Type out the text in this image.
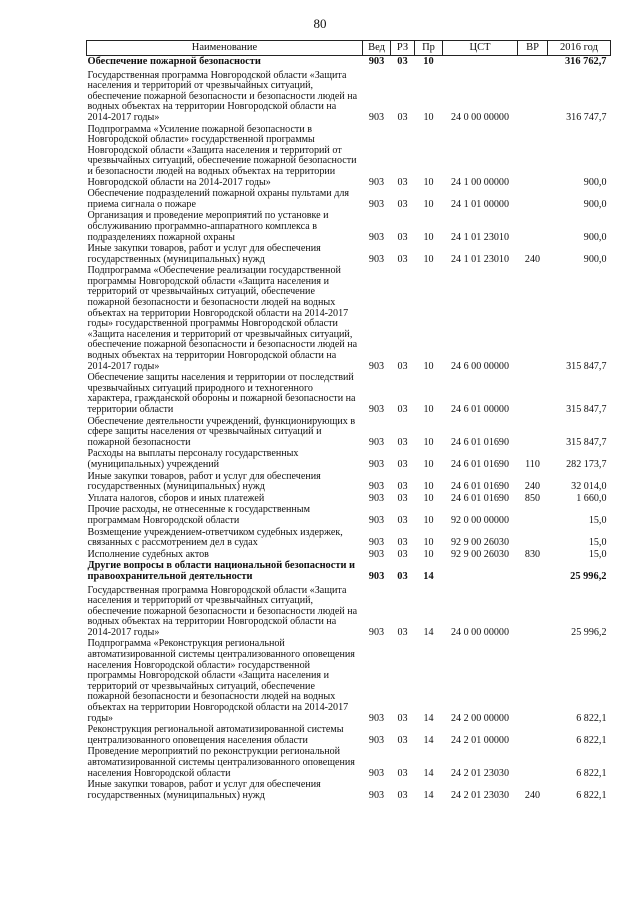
80
Наименование	Вед	РЗ	Пр	ЦСТ	ВР	2016 год
Обеспечение пожарной безопасности	903	03	10			316 762,7
Государственная программа Новгородской области «Защита населения и территорий от чрезвычайных ситуаций, обеспечение пожарной безопасности и безопасности людей на водных объектах на территории Новгородской области на 2014-2017 годы»	903	03	10	24 0 00 00000		316 747,7
Подпрограмма «Усиление пожарной безопасности в Новгородской области» государственной программы Новгородской области «Защита населения и территорий от чрезвычайных ситуаций, обеспечение пожарной безопасности и безопасности людей на водных объектах на территории Новгородской области на 2014-2017 годы»	903	03	10	24 1 00 00000		900,0
Обеспечение подразделений пожарной охраны пультами для приема сигнала о пожаре	903	03	10	24 1 01 00000		900,0
Организация и проведение мероприятий по установке и обслуживанию программно-аппаратного комплекса в подразделениях пожарной охраны	903	03	10	24 1 01 23010		900,0
Иные закупки товаров, работ и услуг для обеспечения государственных (муниципальных) нужд	903	03	10	24 1 01 23010	240	900,0
Подпрограмма «Обеспечение реализации государственной программы Новгородской области «Защита населения и территорий от чрезвычайных ситуаций, обеспечение пожарной безопасности и безопасности людей на водных объектах на территории Новгородской области на 2014-2017 годы» государственной программы Новгородской области «Защита населения и территорий от чрезвычайных ситуаций, обеспечение пожарной безопасности и безопасности людей на водных объектах на территории Новгородской области на 2014-2017 годы»	903	03	10	24 6 00 00000		315 847,7
Обеспечение защиты населения и территории от последствий чрезвычайных ситуаций природного и техногенного характера, гражданской обороны и пожарной безопасности на территории области	903	03	10	24 6 01 00000		315 847,7
Обеспечение деятельности учреждений, функционирующих в сфере защиты населения от чрезвычайных ситуаций и пожарной безопасности	903	03	10	24 6 01 01690		315 847,7
Расходы на выплаты персоналу государственных (муниципальных) учреждений	903	03	10	24 6 01 01690	110	282 173,7
Иные закупки товаров, работ и услуг для обеспечения государственных (муниципальных) нужд	903	03	10	24 6 01 01690	240	32 014,0
Уплата налогов, сборов и иных платежей	903	03	10	24 6 01 01690	850	1 660,0
Прочие расходы, не отнесенные к государственным программам Новгородской области	903	03	10	92 0 00 00000		15,0
Возмещение учреждением-ответчиком судебных издержек, связанных с рассмотрением дел в судах	903	03	10	92 9 00 26030		15,0
Исполнение судебных актов	903	03	10	92 9 00 26030	830	15,0
Другие вопросы в области национальной безопасности и правоохранительной деятельности	903	03	14			25 996,2
Государственная программа Новгородской области «Защита населения и территорий от чрезвычайных ситуаций, обеспечение пожарной безопасности и безопасности людей на водных объектах на территории Новгородской области на 2014-2017 годы»	903	03	14	24 0 00 00000		25 996,2
Подпрограмма «Реконструкция региональной автоматизированной системы централизованного оповещения населения Новгородской области» государственной программы Новгородской области «Защита населения и территорий от чрезвычайных ситуаций, обеспечение пожарной безопасности и безопасности людей на водных объектах на территории Новгородской области на 2014-2017 годы»	903	03	14	24 2 00 00000		6 822,1
Реконструкция региональной автоматизированной системы централизованного оповещения населения области	903	03	14	24 2 01 00000		6 822,1
Проведение мероприятий по реконструкции региональной автоматизированной системы централизованного оповещения населения Новгородской области	903	03	14	24 2 01 23030		6 822,1
Иные закупки товаров, работ и услуг для обеспечения государственных (муниципальных) нужд	903	03	14	24 2 01 23030	240	6 822,1
